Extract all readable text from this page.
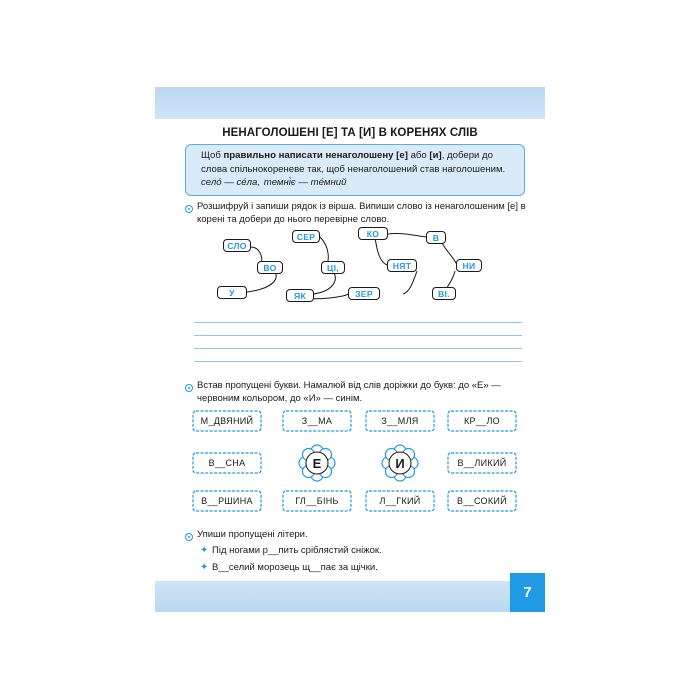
НЕНАГОЛОШЕНІ [Е] ТА [И] В КОРЕНЯХ СЛІВ
Щоб правильно написати ненаголошену [е] або [и], добери до слова спільнокореневе так, щоб ненаголошений став наголошеним.
село́ — се́ла, темні́є — те́мний
Розшифруй і запиши рядок із вірша. Випиши слово із ненаголошеним [е] в корені та добери до нього перевірне слово.
СЛО
ВО
У
СЕР
ЦІ,
ЯК	ЗЕР
КО
НЯТ
В
НИ
ВІ.
Встав пропущені букви. Намалюй від слів доріжки до букв: до «Е» — червоним кольором, до «И» — синім.
М_ДВЯНИЙ	З__МА	З__МЛЯ	КР__ЛО
В__СНА	Е	И	В__ЛИКИЙ
В__РШИНА	ГЛ__БІНЬ	Л__ГКИЙ	В__СОКИЙ
Упиши пропущені літери.
✦ Під ногами р__пить сріблястий сніжок.
✦ В__селий морозець щ__пає за щічки.
7
